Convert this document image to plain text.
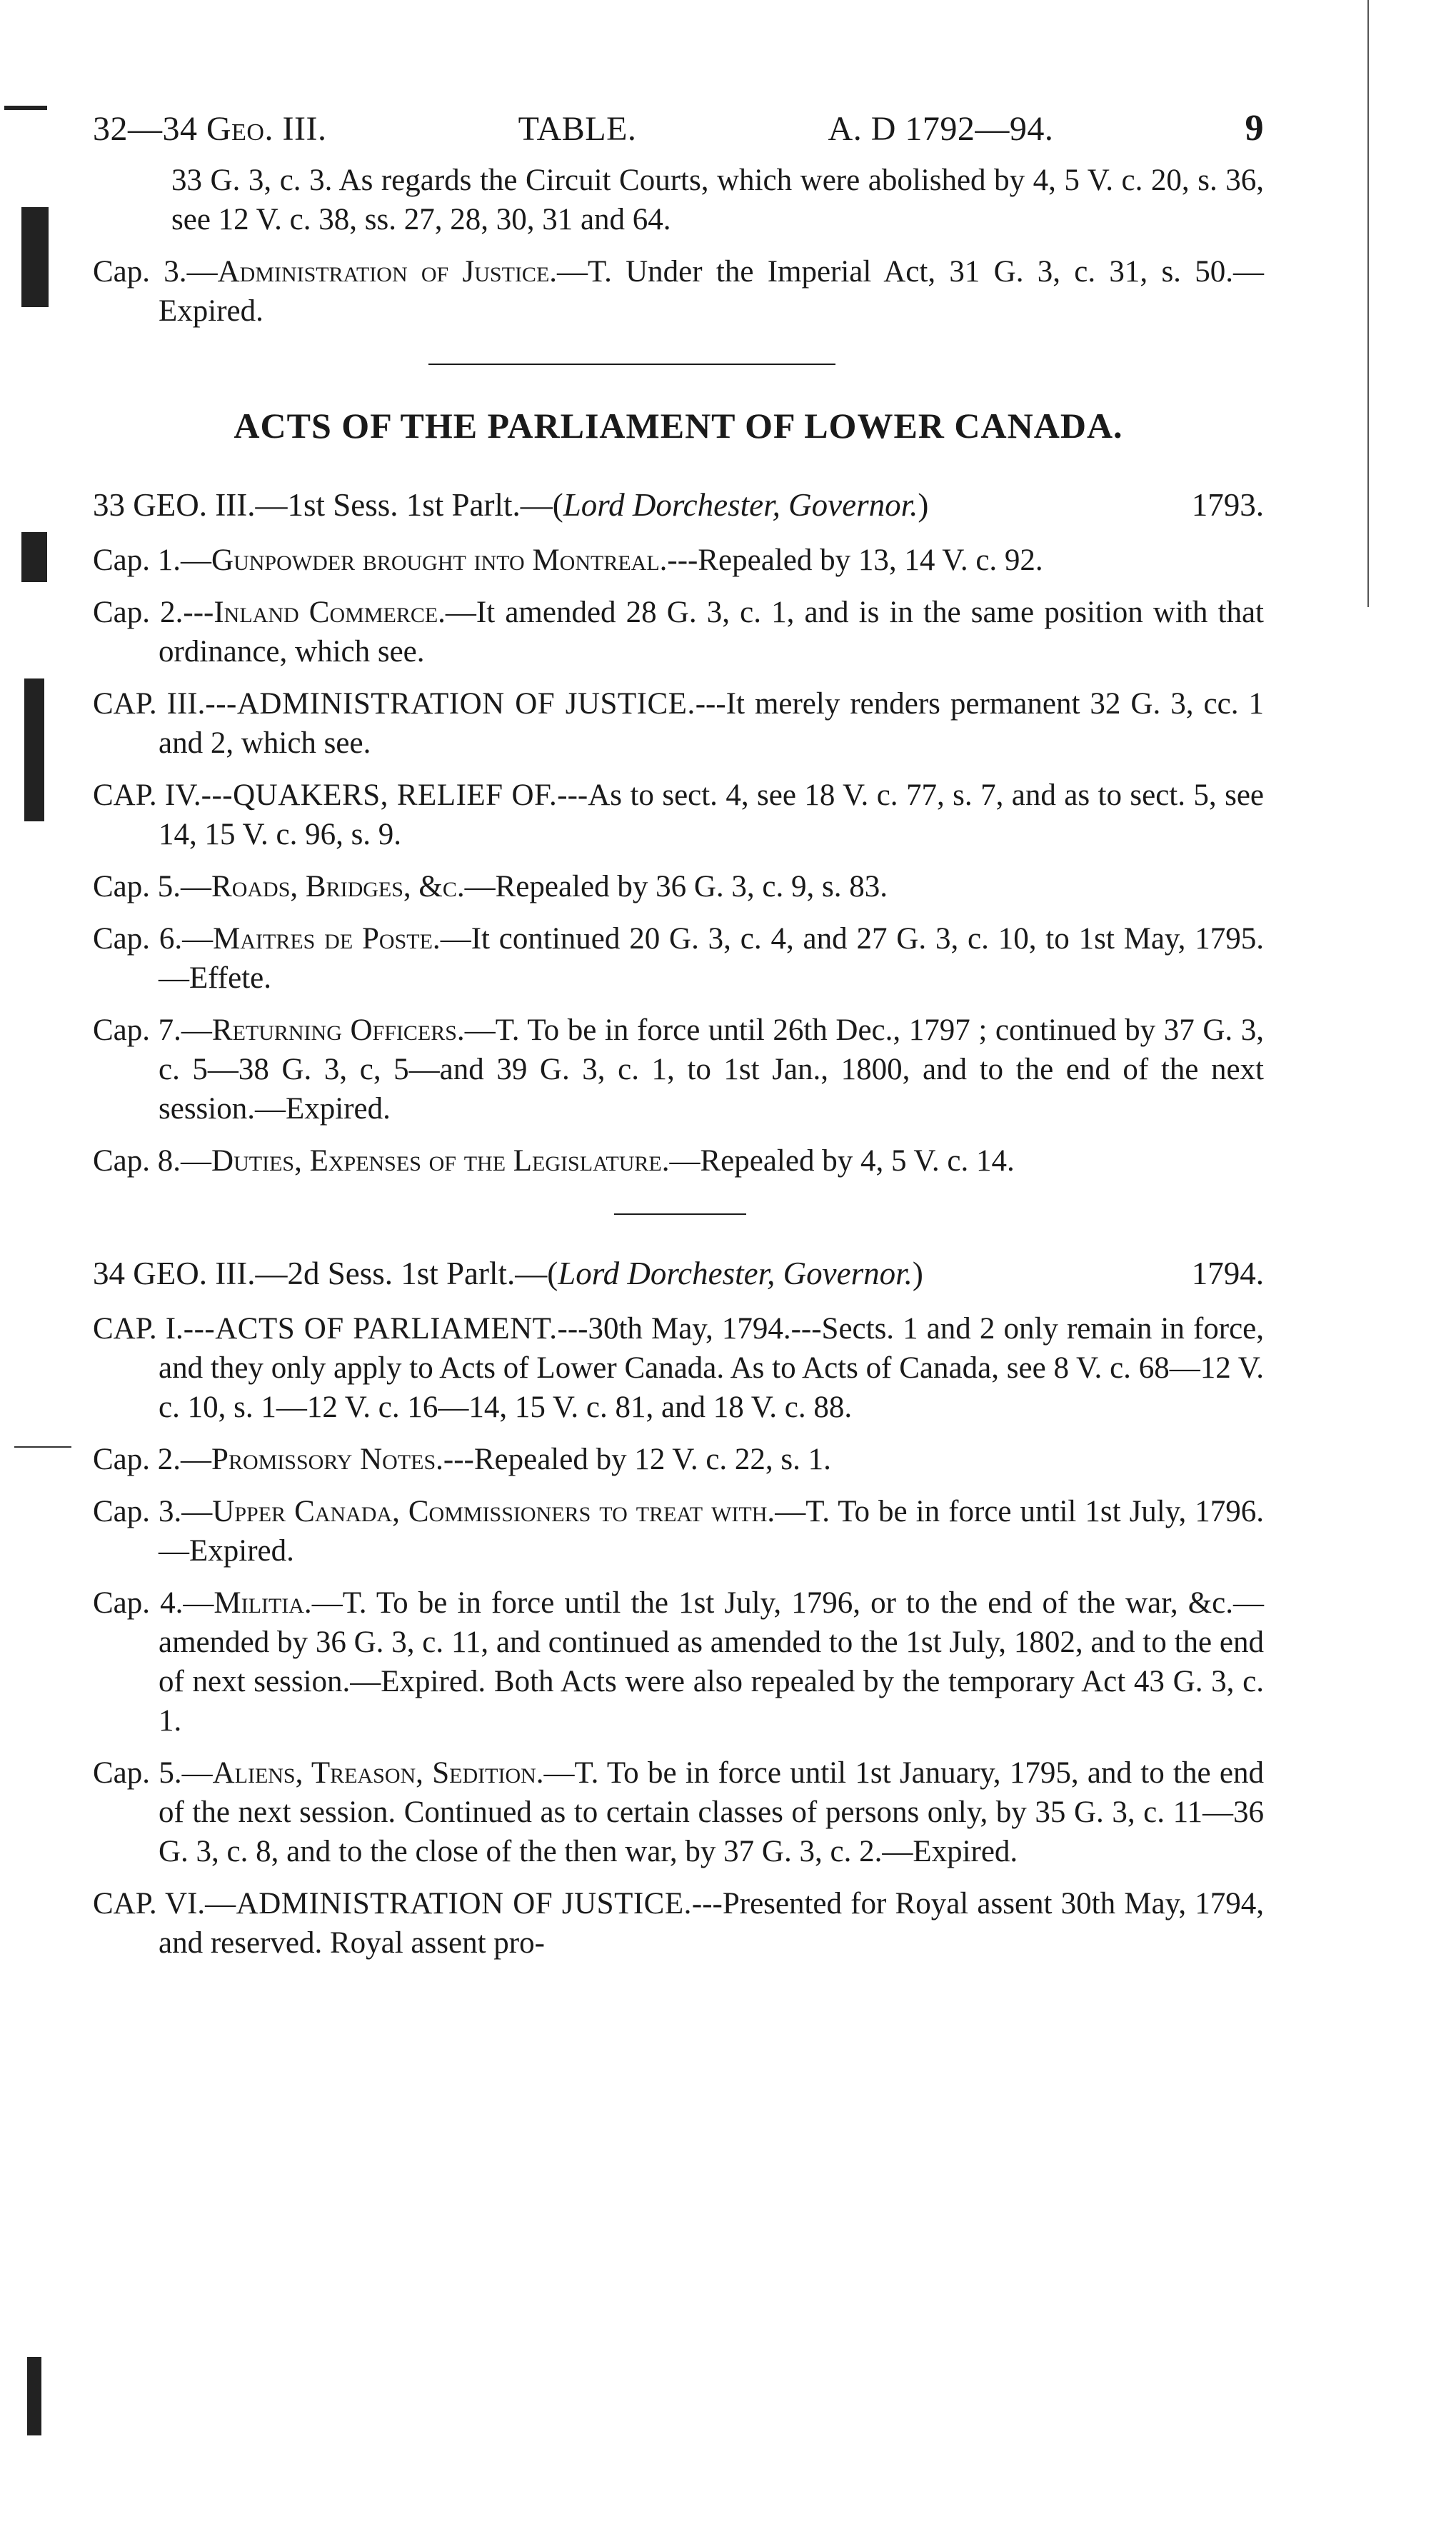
32—34 Geo. III.	TABLE.	A. D 1792—94.	9

33 G. 3, c. 3. As regards the Circuit Courts, which were abolished by 4, 5 V. c. 20, s. 36, see 12 V. c. 38, ss. 27, 28, 30, 31 and 64.

Cap. 3.—Administration of Justice.—T. Under the Imperial Act, 31 G. 3, c. 31, s. 50.—Expired.

ACTS OF THE PARLIAMENT OF LOWER CANADA.
33 GEO. III.—1st Sess. 1st Parlt.—(Lord Dorchester, Governor.)	1793.

Cap. 1.—Gunpowder brought into Montreal.---Repealed by 13, 14 V. c. 92.

Cap. 2.---Inland Commerce.—It amended 28 G. 3, c. 1, and is in the same position with that ordinance, which see.

CAP. III.---ADMINISTRATION OF JUSTICE.---It merely renders permanent 32 G. 3, cc. 1 and 2, which see.

CAP. IV.---QUAKERS, RELIEF OF.---As to sect. 4, see 18 V. c. 77, s. 7, and as to sect. 5, see 14, 15 V. c. 96, s. 9.

Cap. 5.—Roads, Bridges, &c.—Repealed by 36 G. 3, c. 9, s. 83.

Cap. 6.—Maitres de Poste.—It continued 20 G. 3, c. 4, and 27 G. 3, c. 10, to 1st May, 1795.—Effete.

Cap. 7.—Returning Officers.—T. To be in force until 26th Dec., 1797 ; continued by 37 G. 3, c. 5—38 G. 3, c, 5—and 39 G. 3, c. 1, to 1st Jan., 1800, and to the end of the next session.—Expired.

Cap. 8.—Duties, Expenses of the Legislature.—Repealed by 4, 5 V. c. 14.

34 GEO. III.—2d Sess. 1st Parlt.—(Lord Dorchester, Governor.)	1794.

CAP. I.---ACTS OF PARLIAMENT.---30th May, 1794.---Sects. 1 and 2 only remain in force, and they only apply to Acts of Lower Canada. As to Acts of Canada, see 8 V. c. 68—12 V. c. 10, s. 1—12 V. c. 16—14, 15 V. c. 81, and 18 V. c. 88.

Cap. 2.—Promissory Notes.---Repealed by 12 V. c. 22, s. 1.

Cap. 3.—Upper Canada, Commissioners to treat with.—T. To be in force until 1st July, 1796.—Expired.

Cap. 4.—Militia.—T. To be in force until the 1st July, 1796, or to the end of the war, &c.—amended by 36 G. 3, c. 11, and continued as amended to the 1st July, 1802, and to the end of next session.—Expired. Both Acts were also repealed by the temporary Act 43 G. 3, c. 1.

Cap. 5.—Aliens, Treason, Sedition.—T. To be in force until 1st January, 1795, and to the end of the next session. Continued as to certain classes of persons only, by 35 G. 3, c. 11—36 G. 3, c. 8, and to the close of the then war, by 37 G. 3, c. 2.—Expired.

CAP. VI.—ADMINISTRATION OF JUSTICE.---Presented for Royal assent 30th May, 1794, and reserved. Royal assent pro-
